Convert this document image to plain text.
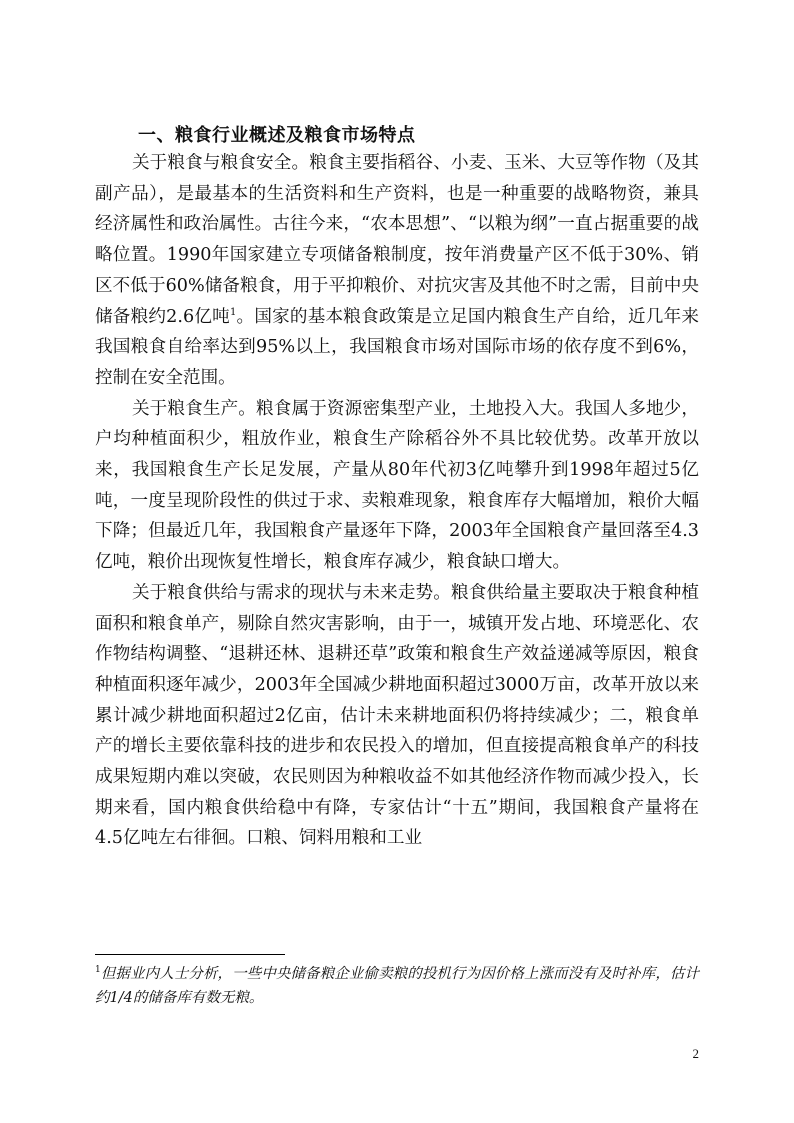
一、粮食行业概述及粮食市场特点

关于粮食与粮食安全。粮食主要指稻谷、小麦、玉米、大豆等作物（及其副产品），是最基本的生活资料和生产资料，也是一种重要的战略物资，兼具经济属性和政治属性。古往今来，“农本思想”、“以粮为纲”一直占据重要的战略位置。1990年国家建立专项储备粮制度，按年消费量产区不低于30%、销区不低于60%储备粮食，用于平抑粮价、对抗灾害及其他不时之需，目前中央储备粮约2.6亿吨$^1$。国家的基本粮食政策是立足国内粮食生产自给，近几年来我国粮食自给率达到95%以上，我国粮食市场对国际市场的依存度不到6%，控制在安全范围。

关于粮食生产。粮食属于资源密集型产业，土地投入大。我国人多地少，户均种植面积少，粗放作业，粮食生产除稻谷外不具比较优势。改革开放以来，我国粮食生产长足发展，产量从80年代初3亿吨攀升到1998年超过5亿吨，一度呈现阶段性的供过于求、卖粮难现象，粮食库存大幅增加，粮价大幅下降；但最近几年，我国粮食产量逐年下降，2003年全国粮食产量回落至4.3亿吨，粮价出现恢复性增长，粮食库存减少，粮食缺口增大。

关于粮食供给与需求的现状与未来走势。粮食供给量主要取决于粮食种植面积和粮食单产，剔除自然灾害影响，由于一，城镇开发占地、环境恶化、农作物结构调整、“退耕还林、退耕还草”政策和粮食生产效益递减等原因，粮食种植面积逐年减少，2003年全国减少耕地面积超过3000万亩，改革开放以来累计减少耕地面积超过2亿亩，估计未来耕地面积仍将持续减少；二，粮食单产的增长主要依靠科技的进步和农民投入的增加，但直接提高粮食单产的科技成果短期内难以突破，农民则因为种粮收益不如其他经济作物而减少投入，长期来看，国内粮食供给稳中有降，专家估计“十五”期间，我国粮食产量将在4.5亿吨左右徘徊。口粮、饲料用粮和工业

$^1$但据业内人士分析，一些中央储备粮企业偷卖粮的投机行为因价格上涨而没有及时补库，估计约1/4的储备库有数无粮。

2
